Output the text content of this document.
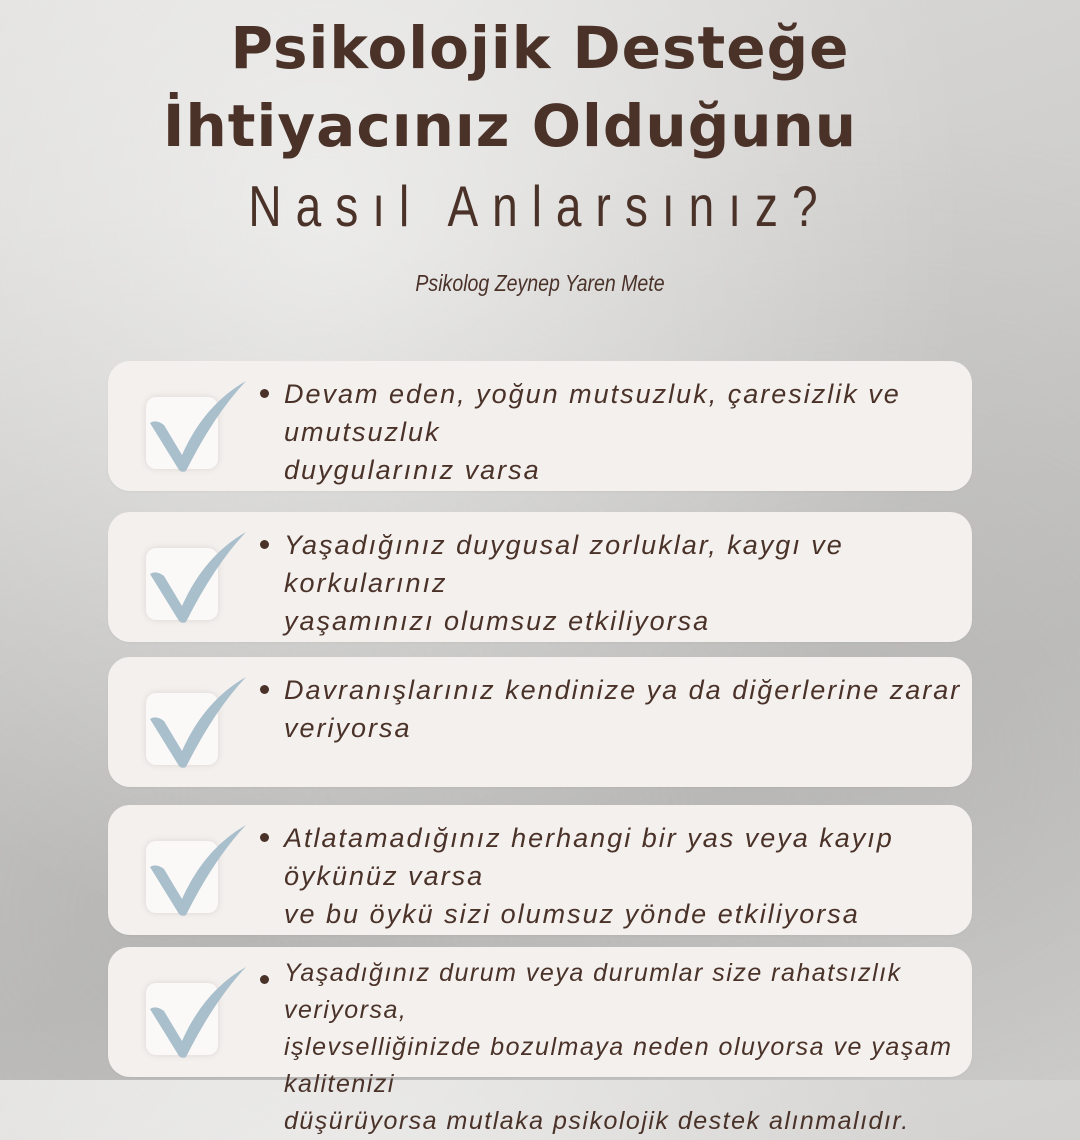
Psikolojik Desteğe
İhtiyacınız Olduğunu
Nasıl Anlarsınız?
Psikolog Zeynep Yaren Mete

Devam eden, yoğun mutsuzluk, çaresizlik ve umutsuzluk
duygularınız varsa

Yaşadığınız duygusal zorluklar, kaygı ve korkularınız
yaşamınızı olumsuz etkiliyorsa

Davranışlarınız kendinize ya da diğerlerine zarar veriyorsa

Atlatamadığınız herhangi bir yas veya kayıp öykünüz varsa
ve bu öykü sizi olumsuz yönde etkiliyorsa

Yaşadığınız durum veya durumlar size rahatsızlık veriyorsa,
işlevselliğinizde bozulmaya neden oluyorsa ve yaşam kalitenizi
düşürüyorsa mutlaka psikolojik destek alınmalıdır.
